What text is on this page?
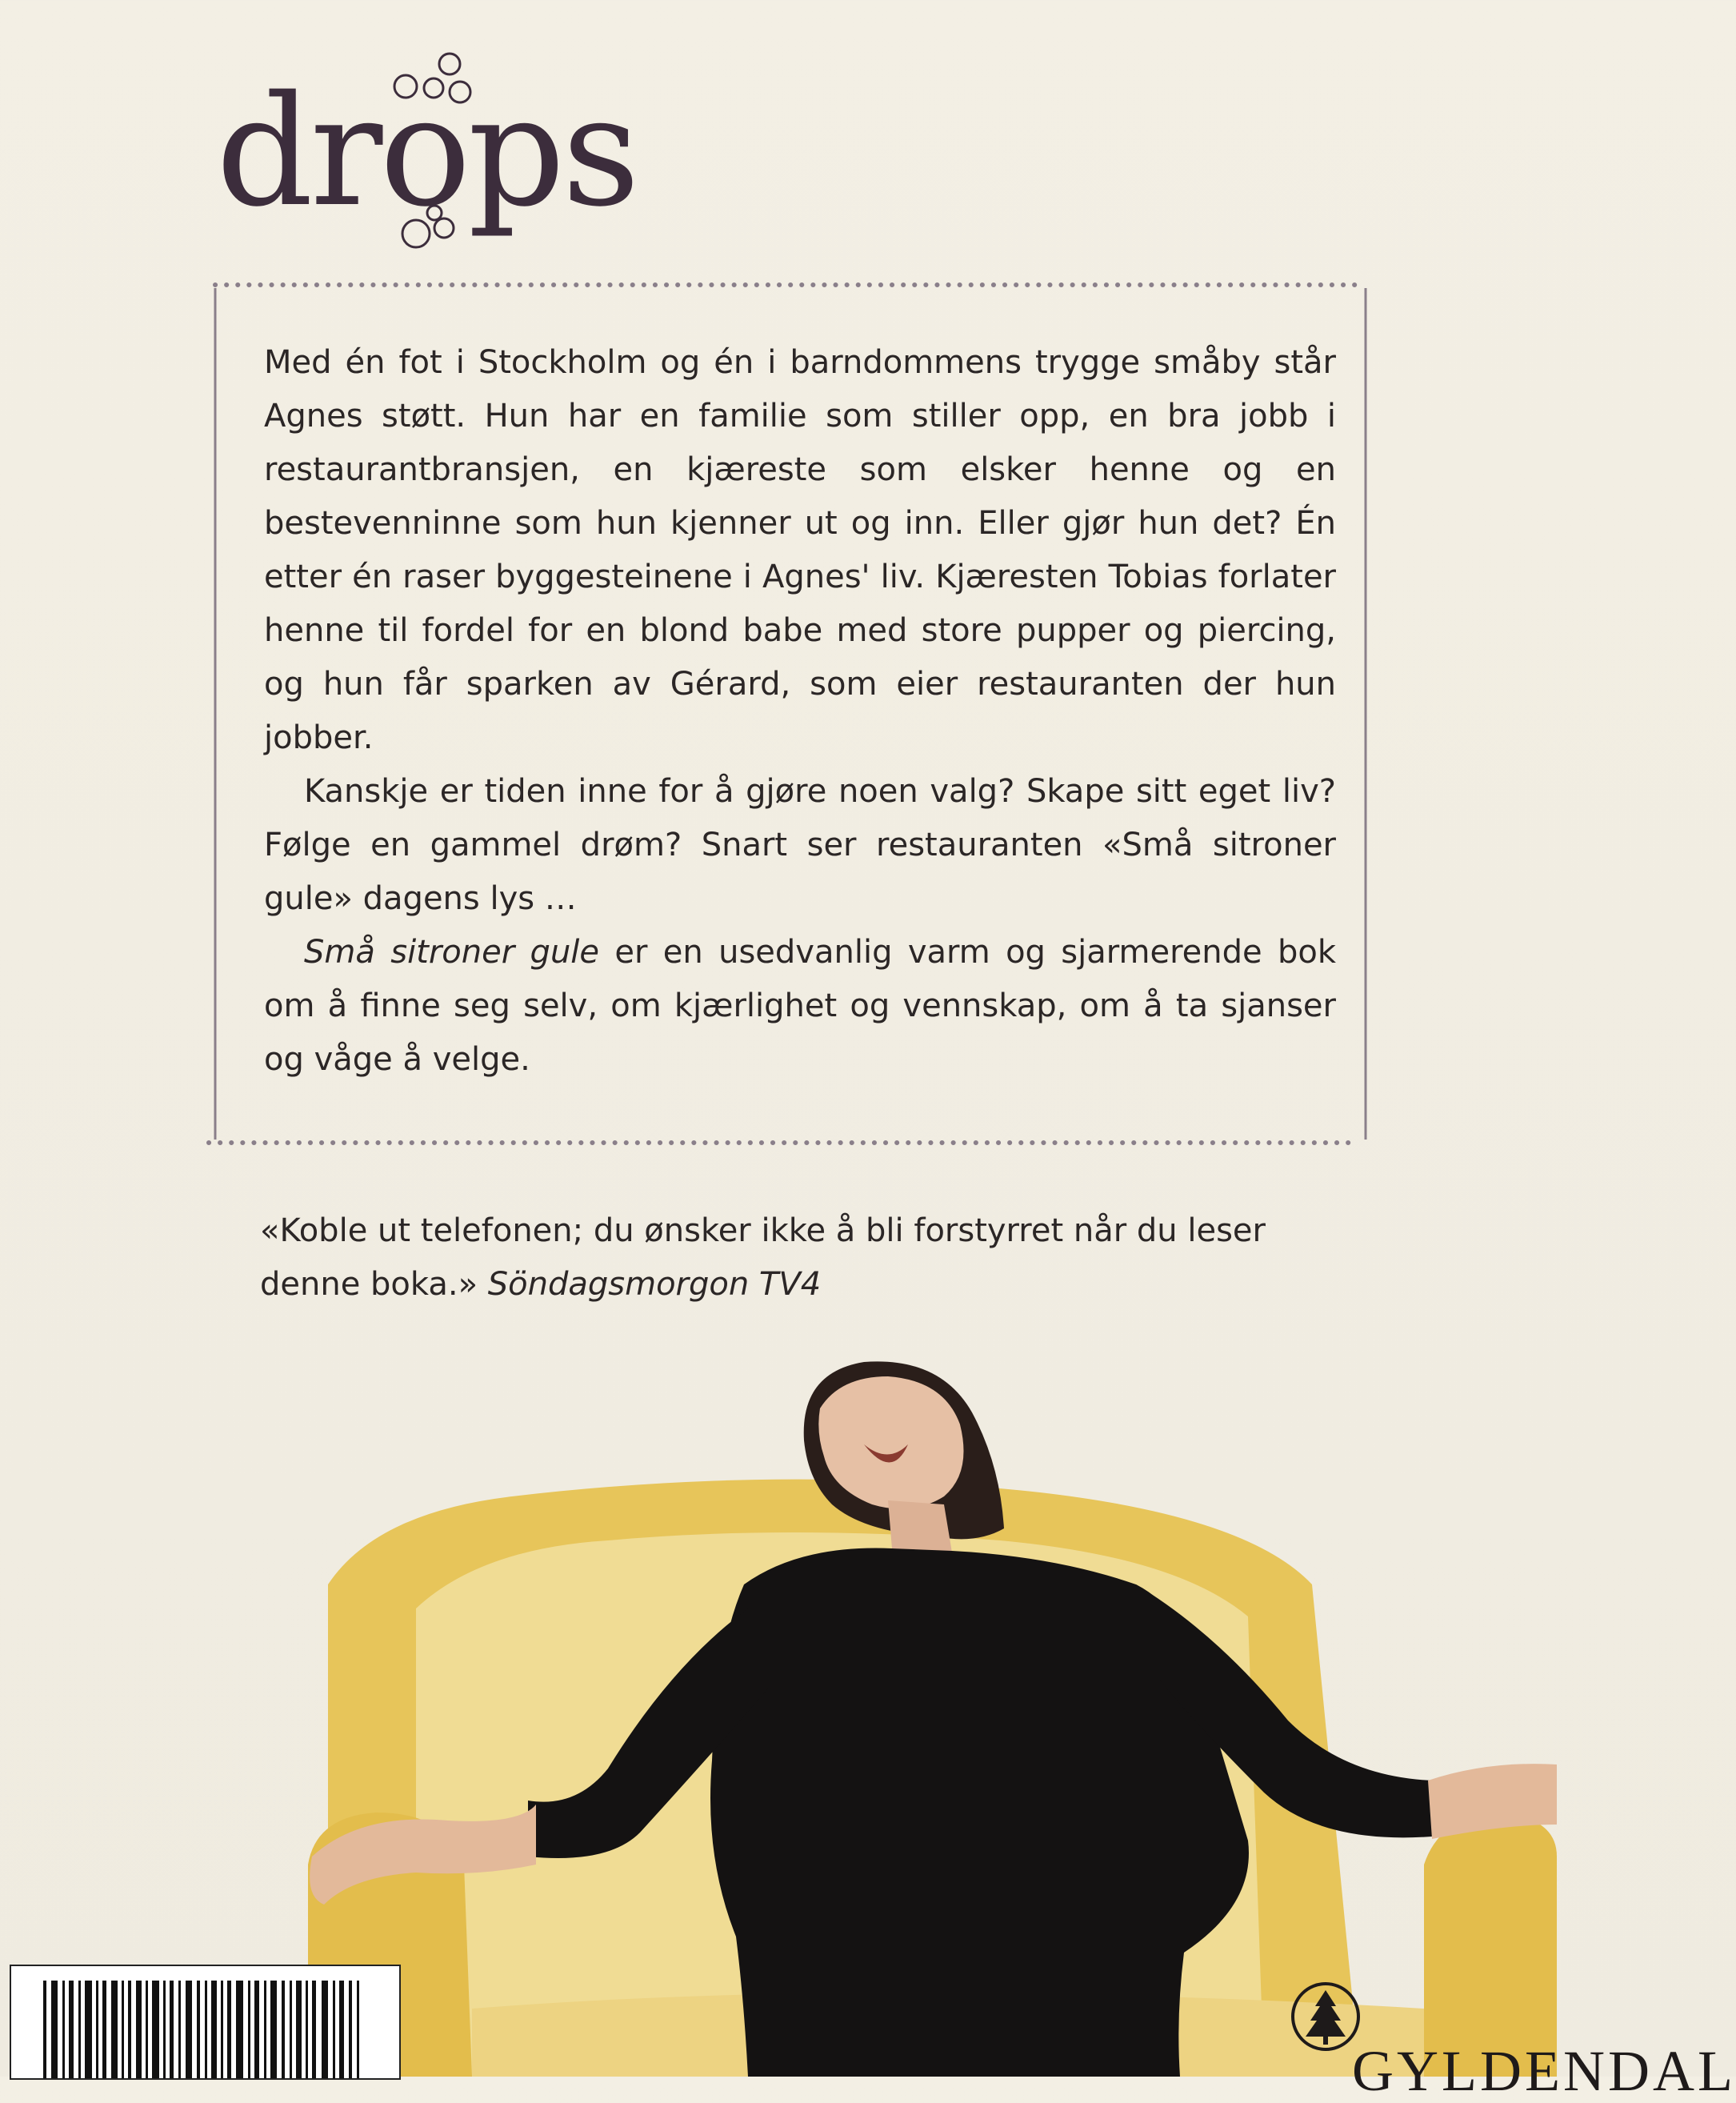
drops

Med én fot i Stockholm og én i barndommens trygge småby står Agnes støtt. Hun har en familie som stiller opp, en bra jobb i restaurantbransjen, en kjæreste som elsker henne og en bestevenninne som hun kjenner ut og inn. Eller gjør hun det? Én etter én raser byggesteinene i Agnes' liv. Kjæresten Tobias forlater henne til fordel for en blond babe med store pupper og piercing, og hun får sparken av Gérard, som eier restauranten der hun jobber.

Kanskje er tiden inne for å gjøre noen valg? Skape sitt eget liv? Følge en gammel drøm? Snart ser restauranten «Små sitroner gule» dagens lys …

Små sitroner gule er en usedvanlig varm og sjarmerende bok om å finne seg selv, om kjærlighet og vennskap, om å ta sjanser og våge å velge.

«Koble ut telefonen; du ønsker ikke å bli forstyrret når du leser denne boka.» Söndagsmorgon TV4
GYLDENDAL
